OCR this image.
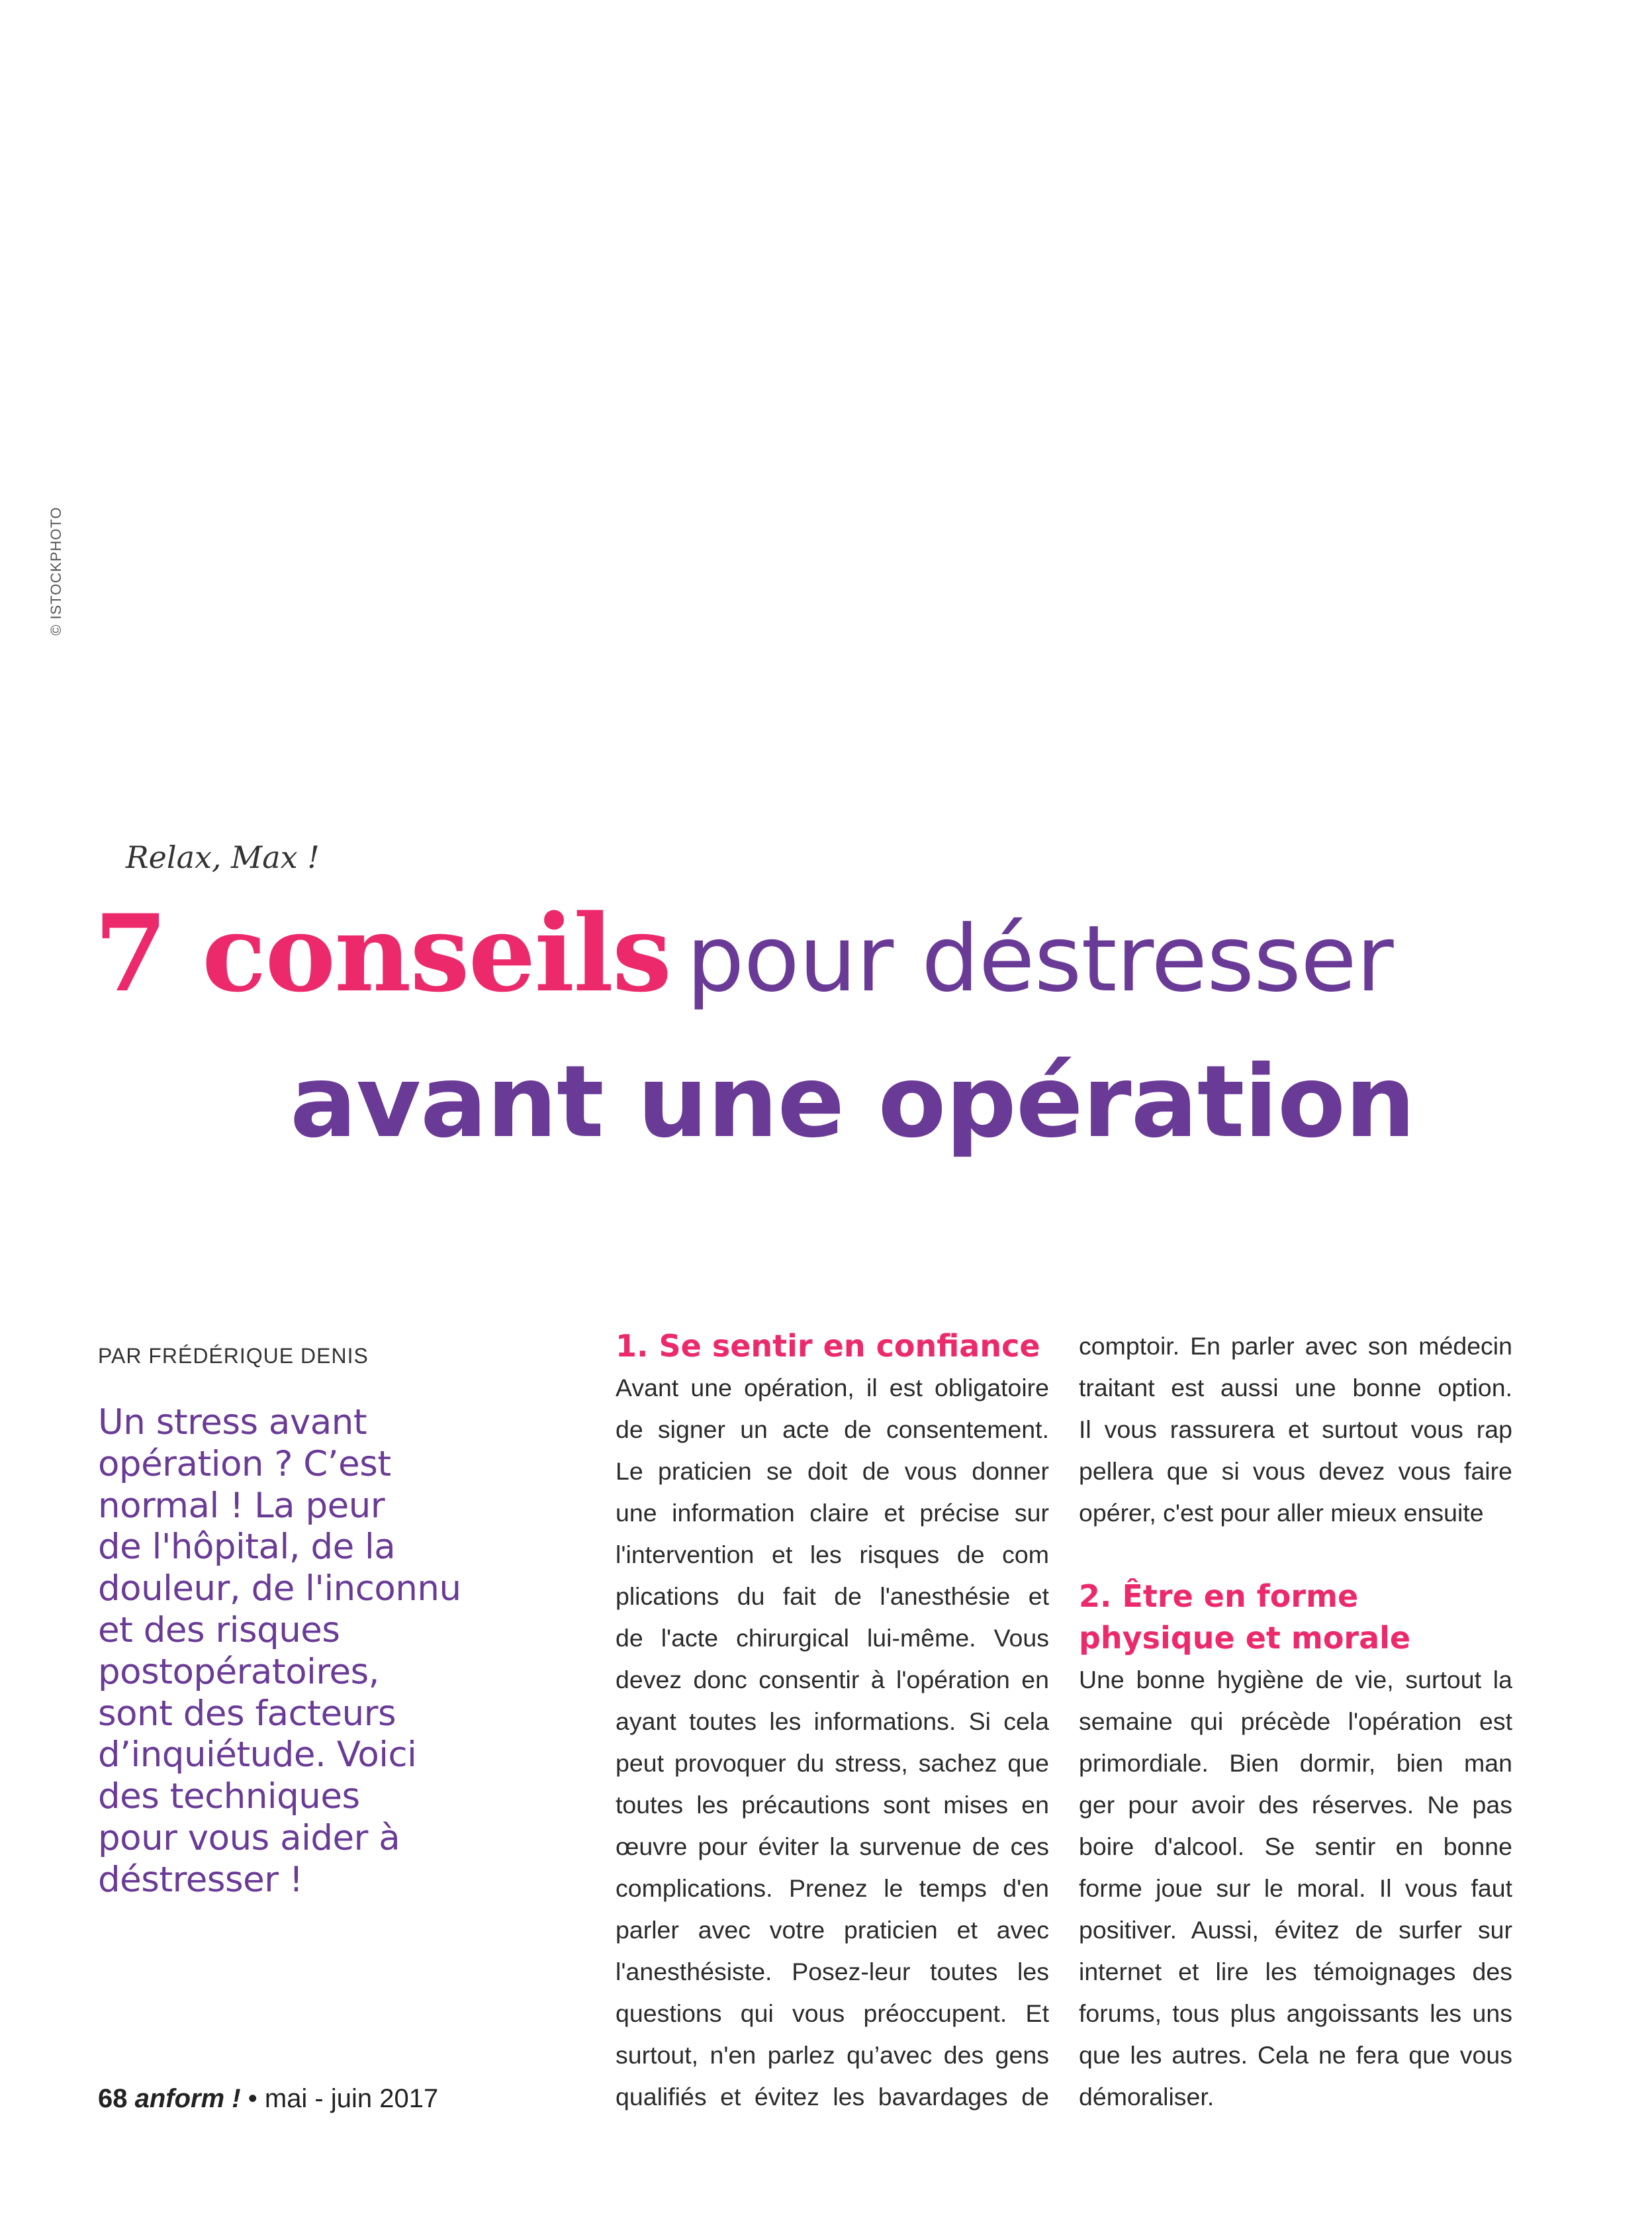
© ISTOCKPHOTO
Relax, Max !
7 conseils pour déstresser
avant une opération
PAR FRÉDÉRIQUE DENIS
Un stress avant
opération ? C’est
normal ! La peur
de l'hôpital, de la
douleur, de l'inconnu
et des risques
postopératoires,
sont des facteurs
d’inquiétude. Voici
des techniques
pour vous aider à
déstresser !
1. Se sentir en confiance
Avant une opération, il est obligatoire
de signer un acte de consentement.
Le praticien se doit de vous donner
une information claire et précise sur
l'intervention et les risques de com
plications du fait de l'anesthésie et
de l'acte chirurgical lui-même. Vous
devez donc consentir à l'opération en
ayant toutes les informations. Si cela
peut provoquer du stress, sachez que
toutes les précautions sont mises en
œuvre pour éviter la survenue de ces
complications. Prenez le temps d'en
parler avec votre praticien et avec
l'anesthésiste. Posez-leur toutes les
questions qui vous préoccupent. Et
surtout, n'en parlez qu’avec des gens
qualifiés et évitez les bavardages de
comptoir. En parler avec son médecin
traitant est aussi une bonne option.
Il vous rassurera et surtout vous rap
pellera que si vous devez vous faire
opérer, c'est pour aller mieux ensuite
2. Être en forme
physique et morale
Une bonne hygiène de vie, surtout la
semaine qui précède l'opération est
primordiale. Bien dormir, bien man
ger pour avoir des réserves. Ne pas
boire d'alcool. Se sentir en bonne
forme joue sur le moral. Il vous faut
positiver. Aussi, évitez de surfer sur
internet et lire les témoignages des
forums, tous plus angoissants les uns
que les autres. Cela ne fera que vous
démoraliser.
68 anform ! • mai - juin 2017
